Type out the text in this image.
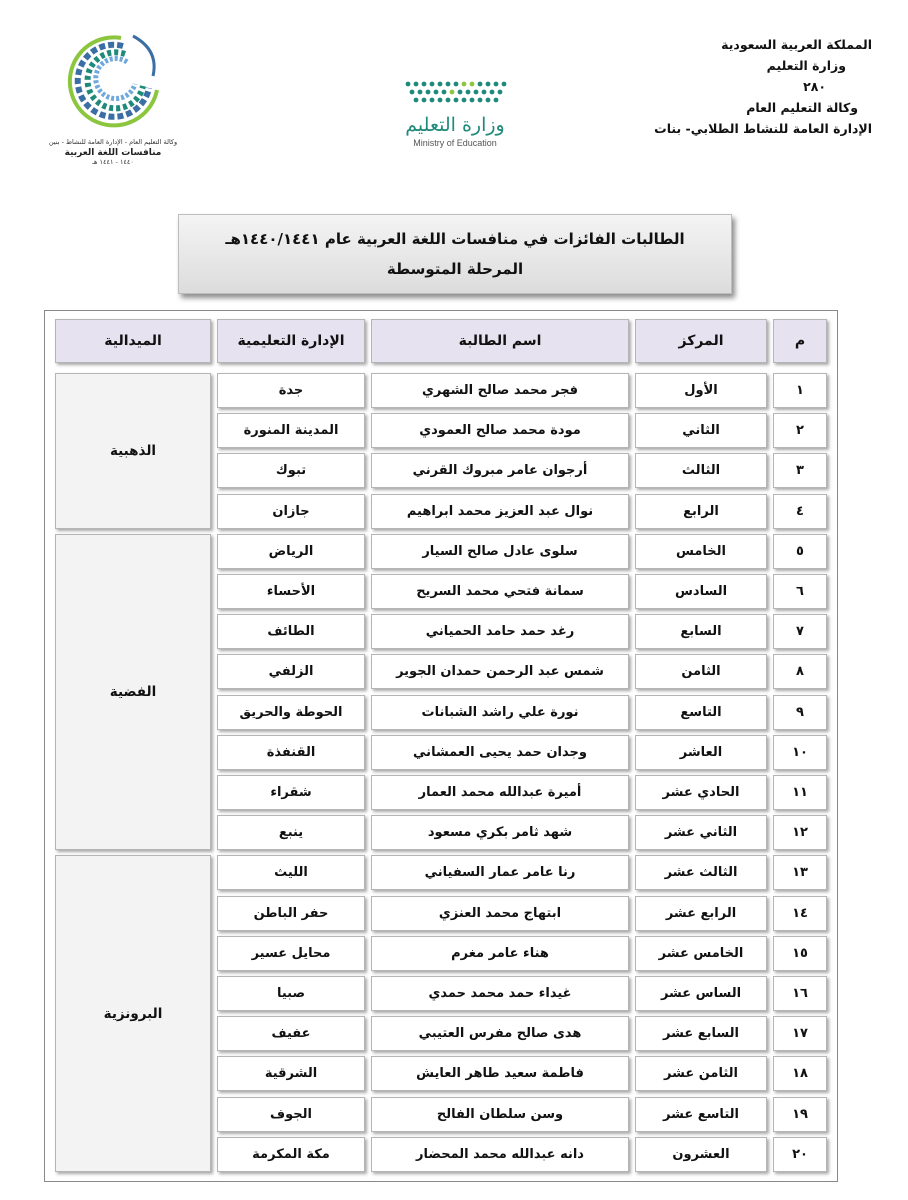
المملكة العربية السعودية
وزارة التعليم
٢٨٠
وكالة التعليم العام
الإدارة العامة للنشاط الطلابي- بنات
وزارة التعليم
Ministry of Education
وكالة التعليم العام - الإدارة العامة للنشاط - بنين
منافسات اللغة العربية
١٤٤٠ - ١٤٤١ هـ
الطالبات الفائزات في منافسات اللغة العربية عام ١٤٤٠/١٤٤١هـ
المرحلة المتوسطة
م
المركز
اسم الطالبة
الإدارة التعليمية
الميدالية
١
الأول
فجر محمد صالح الشهري
جدة
٢
الثاني
مودة محمد صالح العمودي
المدينة المنورة
٣
الثالث
أرجوان عامر مبروك القرني
تبوك
٤
الرابع
نوال عبد العزيز محمد ابراهيم
جازان
٥
الخامس
سلوى عادل صالح السيار
الرياض
٦
السادس
سمانة فتحي محمد السريح
الأحساء
٧
السابع
رغد حمد حامد الحمياني
الطائف
٨
الثامن
شمس عبد الرحمن حمدان الجوير
الزلفي
٩
التاسع
نورة علي راشد الشبانات
الحوطة والحريق
١٠
العاشر
وجدان حمد يحيى العمشاني
القنفذة
١١
الحادي عشر
أميرة عبدالله محمد العمار
شقراء
١٢
الثاني عشر
شهد ثامر بكري مسعود
ينبع
١٣
الثالث عشر
رنا عامر عمار السفياني
الليث
١٤
الرابع عشر
ابتهاج محمد العنزي
حفر الباطن
١٥
الخامس عشر
هناء عامر مغرم
محايل عسير
١٦
الساس عشر
غيداء حمد محمد حمدي
صبيا
١٧
السابع عشر
هدى صالح مفرس العتيبي
عفيف
١٨
الثامن عشر
فاطمة سعيد طاهر العايش
الشرقية
١٩
التاسع عشر
وسن سلطان الفالح
الجوف
٢٠
العشرون
دانه عبدالله محمد المحضار
مكة المكرمة
الذهبية
الفضية
البرونزية
